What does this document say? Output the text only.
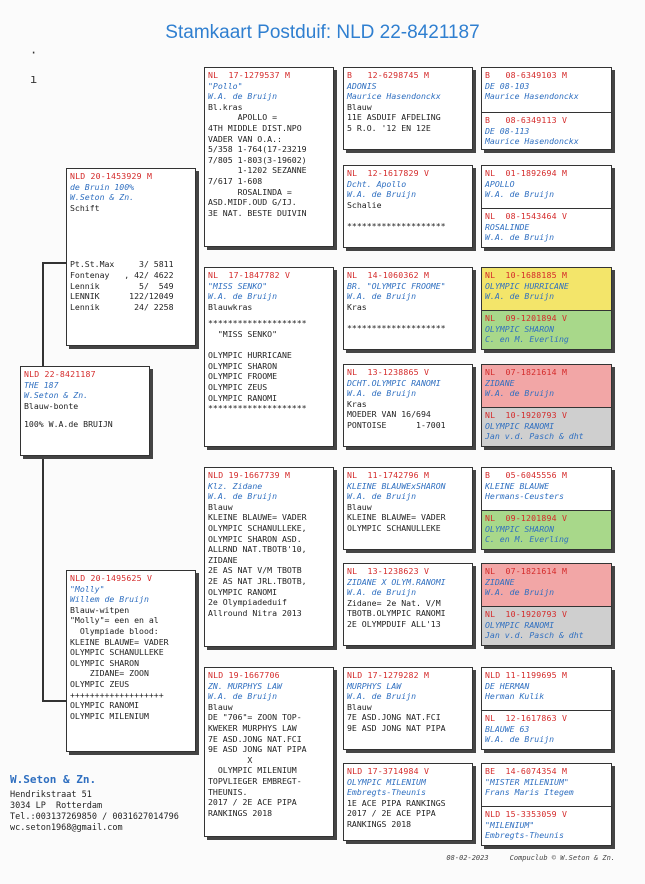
Stamkaart Postduif: NLD 22-8421187
·
ı
NLD 22-8421187
THE 187
W.Seton & Zn.
Blauw-bonte
100% W.A.de BRUIJN
NLD 20-1453929 M
de Bruin 100%
W.Seton & Zn.
Schift
Pt.St.Max     3/ 5811
Fontenay   , 42/ 4622
Lennik        5/  549
LENNIK      122/12049
Lennik       24/ 2258
NLD 20-1495625 V
"Molly"
Willem de Bruijn
Blauw-witpen
"Molly"= een en al
Olympiade blood:
KLEINE BLAUWE= VADER
OLYMPIC SCHANULLEKE
OLYMPIC SHARON
ZIDANE= ZOON
OLYMPIC ZEUS
+++++++++++++++++++
OLYMPIC RANOMI
OLYMPIC MILENIUM
NL  17-1279537 M
"Pollo"
W.A. de Bruijn
Bl.kras
APOLLO =
4TH MIDDLE DIST.NPO
VADER VAN O.A.:
5/358 1-764(17-23219
7/805 1-803(3-19602)
1-1202 SEZANNE
7/617 1-608
ROSALINDA =
ASD.MIDF.OUD G/IJ.
3E NAT. BESTE DUIVIN
NL  17-1847782 V
"MISS SENKO"
W.A. de Bruijn
Blauwkras
********************
"MISS SENKO"

OLYMPIC HURRICANE
OLYMPIC SHARON
OLYMPIC FROOME
OLYMPIC ZEUS
OLYMPIC RANOMI
********************
NLD 19-1667739 M
Klz. Zidane
W.A. de Bruijn
Blauw
KLEINE BLAUWE= VADER
OLYMPIC SCHANULLEKE,
OLYMPIC SHARON ASD.
ALLRND NAT.TBOTB'10,
ZIDANE
2E AS NAT V/M TBOTB
2E AS NAT JRL.TBOTB,
OLYMPIC RANOMI
2e Olympiadeduif
Allround Nitra 2013
NLD 19-1667706
ZN. MURPHYS LAW
W.A. de Bruijn
Blauw
DE "706"= ZOON TOP-
KWEKER MURPHYS LAW
7E ASD.JONG NAT.FCI
9E ASD JONG NAT PIPA
X
OLYMPIC MILENIUM
TOPVLIEGER EMBREGT-
THEUNIS.
2017 / 2E ACE PIPA
RANKINGS 2018
B   12-6298745 M
ADONIS
Maurice Hasendonckx
Blauw
11E ASDUIF AFDELING
5 R.O. '12 EN 12E
NL  12-1617829 V
Dcht. Apollo
W.A. de Bruijn
Schalie

********************
NL  14-1060362 M
BR. "OLYMPIC FROOME"
W.A. de Bruijn
Kras

********************
NL  13-1238865 V
DCHT.OLYMPIC RANOMI
W.A. de Bruijn
Kras
MOEDER VAN 16/694
PONTOISE      1-7001
NL  11-1742796 M
KLEINE BLAUWExSHARON
W.A. de Bruijn
Blauw
KLEINE BLAUWE= VADER
OLYMPIC SCHANULLEKE
NL  13-1238623 V
ZIDANE X OLYM.RANOMI
W.A. de Bruijn
Zidane= 2e Nat. V/M
TBOTB.OLYMPIC RANOMI
2E OLYMPDUIF ALL'13
NLD 17-1279282 M
MURPHYS LAW
W.A. de Bruijn
Blauw
7E ASD.JONG NAT.FCI
9E ASD JONG NAT PIPA
NLD 17-3714984 V
OLYMPIC MILENIUM
Embregts-Theunis
1E ACE PIPA RANKINGS
2017 / 2E ACE PIPA
RANKINGS 2018
B   08-6349103 M
DE 08-103
Maurice Hasendonckx
B   08-6349113 V
DE 08-113
Maurice Hasendonckx
NL  01-1892694 M
APOLLO
W.A. de Bruijn
NL  08-1543464 V
ROSALINDE
W.A. de Bruijn
NL  10-1688185 M
OLYMPIC HURRICANE
W.A. de Bruijn
NL  09-1201894 V
OLYMPIC SHARON
C. en M. Everling
NL  07-1821614 M
ZIDANE
W.A. de Bruijn
NL  10-1920793 V
OLYMPIC RANOMI
Jan v.d. Pasch & dht
B   05-6045556 M
KLEINE BLAUWE
Hermans-Ceusters
NL  09-1201894 V
OLYMPIC SHARON
C. en M. Everling
NL  07-1821614 M
ZIDANE
W.A. de Bruijn
NL  10-1920793 V
OLYMPIC RANOMI
Jan v.d. Pasch & dht
NLD 11-1199695 M
DE HERMAN
Herman Kulik
NL  12-1617863 V
BLAUWE 63
W.A. de Bruijn
BE  14-6074354 M
"MISTER MILENIUM"
Frans Maris Itegem
NLD 15-3353059 V
"MILENIUM"
Embregts-Theunis
W.Seton & Zn.
Hendrikstraat 51
3034 LP  Rotterdam
Tel.:003137269850 / 0031627014796
wc.seton1968@gmail.com
08-02-2023     Compuclub © W.Seton & Zn.
